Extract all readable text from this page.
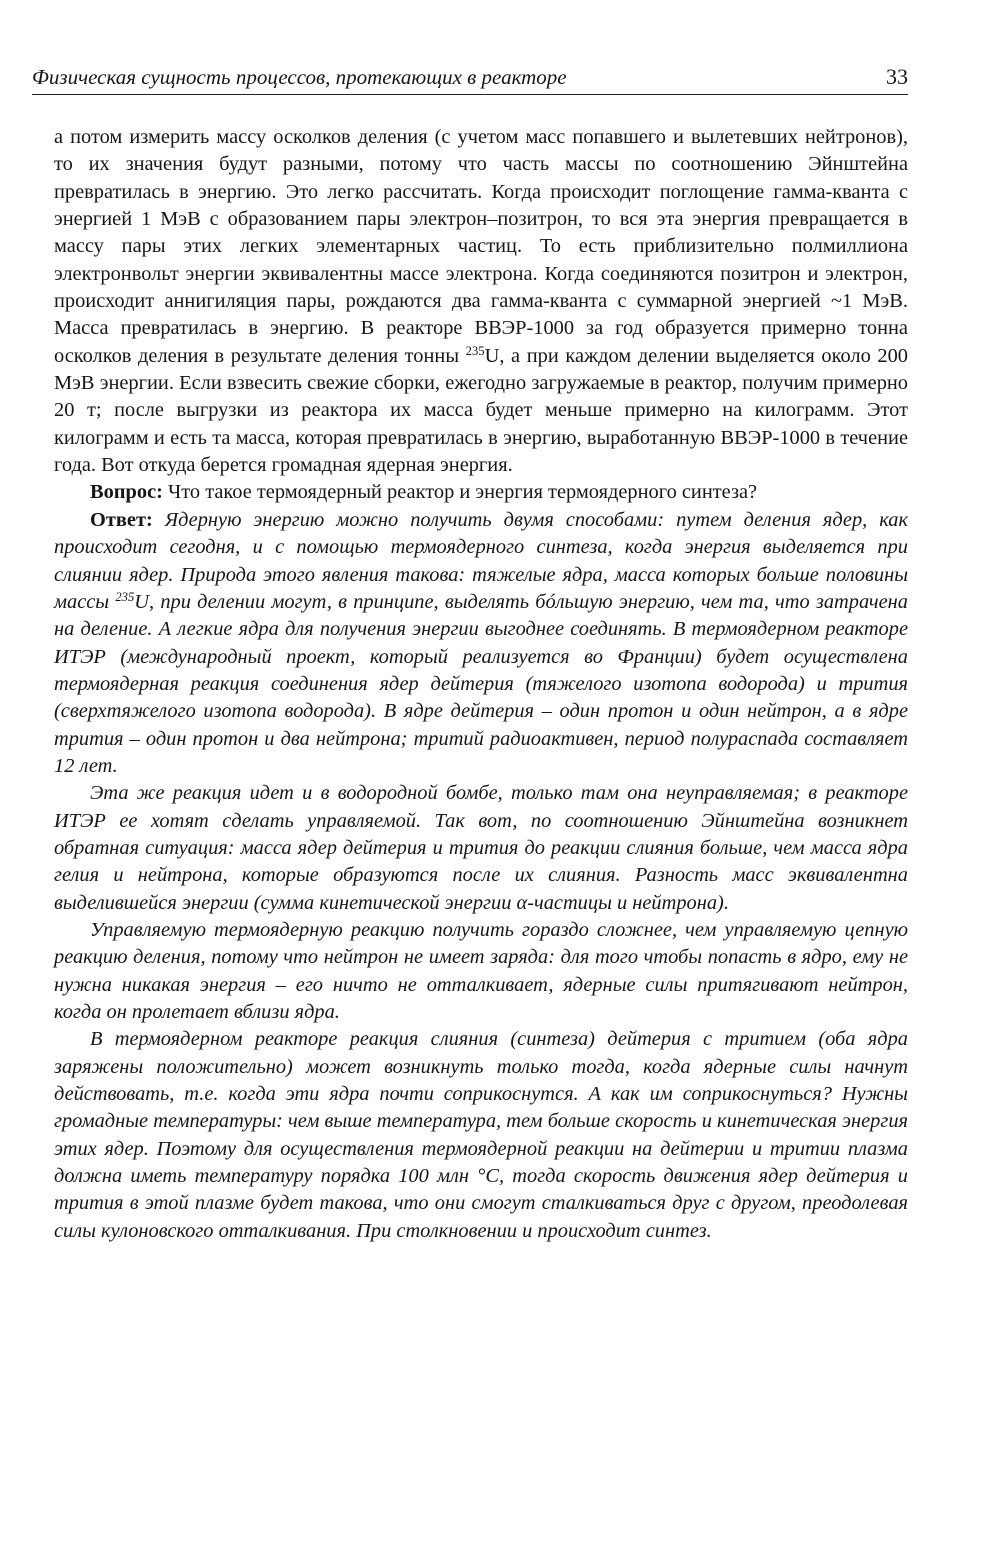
Физическая сущность процессов, протекающих в реакторе	33

а потом измерить массу осколков деления (с учетом масс попавшего и вылетевших нейтронов), то их значения будут разными, потому что часть массы по соотношению Эйнштейна превратилась в энергию. Это легко рассчитать. Когда происходит поглощение гамма-кванта с энергией 1 МэВ с образованием пары электрон–позитрон, то вся эта энергия превращается в массу пары этих легких элементарных частиц. То есть приблизительно полмиллиона электронвольт энергии эквивалентны массе электрона. Когда соединяются позитрон и электрон, происходит аннигиляция пары, рождаются два гамма-кванта с суммарной энергией ~1 МэВ. Масса превратилась в энергию. В реакторе ВВЭР-1000 за год образуется примерно тонна осколков деления в результате деления тонны $^{235}$U, а при каждом делении выделяется около 200 МэВ энергии. Если взвесить свежие сборки, ежегодно загружаемые в реактор, получим примерно 20 т; после выгрузки из реактора их масса будет меньше примерно на килограмм. Этот килограмм и есть та масса, которая превратилась в энергию, выработанную ВВЭР-1000 в течение года. Вот откуда берется громадная ядерная энергия.

Вопрос: Что такое термоядерный реактор и энергия термоядерного синтеза?

Ответ: Ядерную энергию можно получить двумя способами: путем деления ядер, как происходит сегодня, и с помощью термоядерного синтеза, когда энергия выделяется при слиянии ядер. Природа этого явления такова: тяжелые ядра, масса которых больше половины массы $^{235}$U, при делении могут, в принципе, выделять бóльшую энергию, чем та, что затрачена на деление. А легкие ядра для получения энергии выгоднее соединять. В термоядерном реакторе ИТЭР (международный проект, который реализуется во Франции) будет осуществлена термоядерная реакция соединения ядер дейтерия (тяжелого изотопа водорода) и трития (сверхтяжелого изотопа водорода). В ядре дейтерия – один протон и один нейтрон, а в ядре трития – один протон и два нейтрона; тритий радиоактивен, период полураспада составляет 12 лет.

Эта же реакция идет и в водородной бомбе, только там она неуправляемая; в реакторе ИТЭР ее хотят сделать управляемой. Так вот, по соотношению Эйнштейна возникнет обратная ситуация: масса ядер дейтерия и трития до реакции слияния больше, чем масса ядра гелия и нейтрона, которые образуются после их слияния. Разность масс эквивалентна выделившейся энергии (сумма кинетической энергии α-частицы и нейтрона).

Управляемую термоядерную реакцию получить гораздо сложнее, чем управляемую цепную реакцию деления, потому что нейтрон не имеет заряда: для того чтобы попасть в ядро, ему не нужна никакая энергия – его ничто не отталкивает, ядерные силы притягивают нейтрон, когда он пролетает вблизи ядра.

В термоядерном реакторе реакция слияния (синтеза) дейтерия с тритием (оба ядра заряжены положительно) может возникнуть только тогда, когда ядерные силы начнут действовать, т.е. когда эти ядра почти соприкоснутся. А как им соприкоснуться? Нужны громадные температуры: чем выше температура, тем больше скорость и кинетическая энергия этих ядер. Поэтому для осуществления термоядерной реакции на дейтерии и тритии плазма должна иметь температуру порядка 100 млн °С, тогда скорость движения ядер дейтерия и трития в этой плазме будет такова, что они смогут сталкиваться друг с другом, преодолевая силы кулоновского отталкивания. При столкновении и происходит синтез.
